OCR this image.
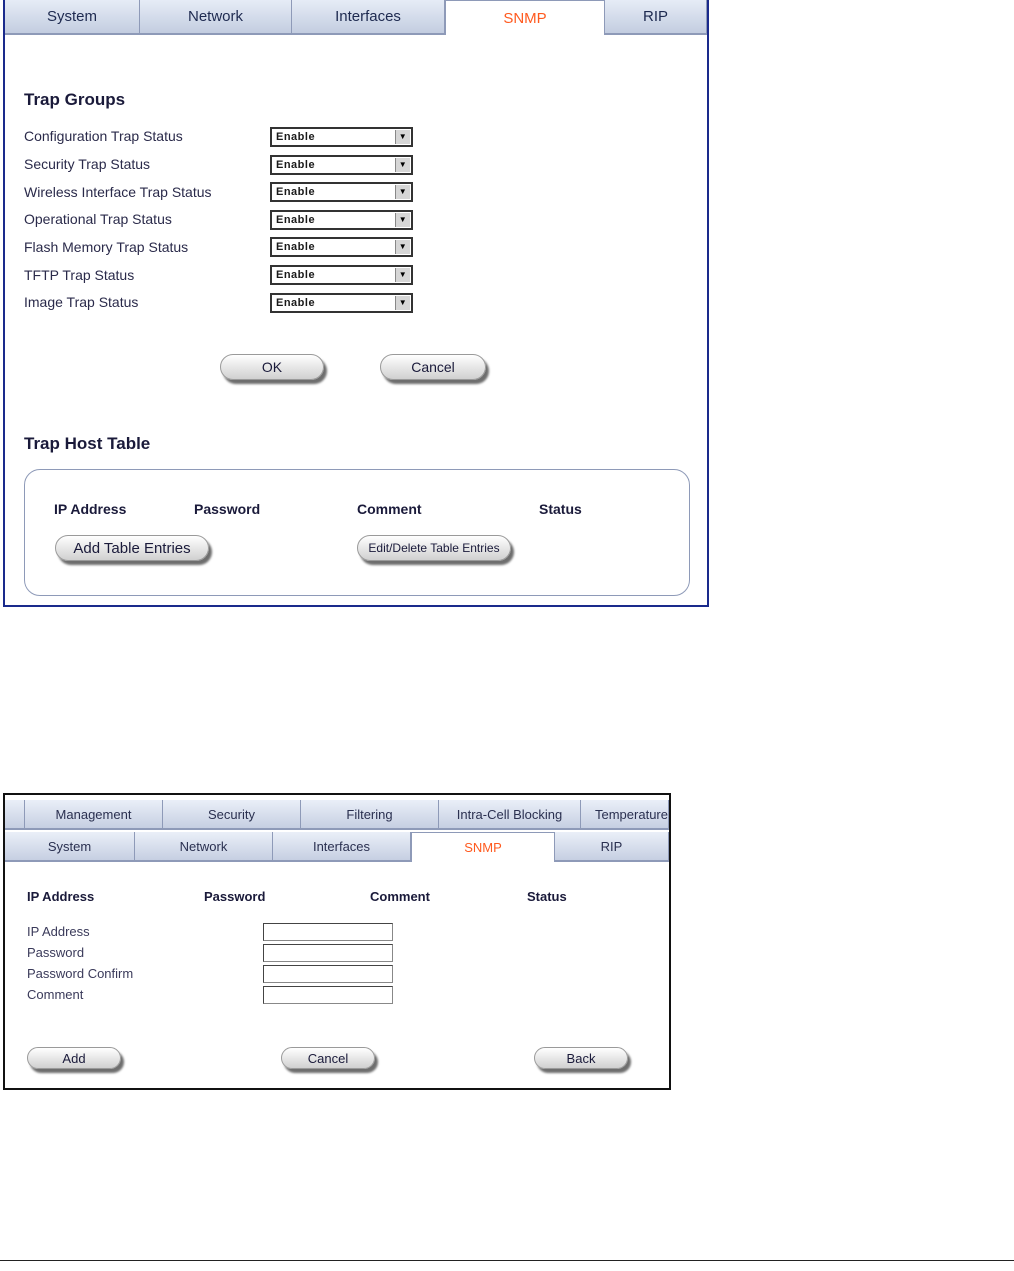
System	Network	Interfaces	SNMP	RIP
Trap Groups
Configuration Trap Status	Enable	▼
Security Trap Status	Enable	▼
Wireless Interface Trap Status	Enable	▼
Operational Trap Status	Enable	▼
Flash Memory Trap Status	Enable	▼
TFTP Trap Status	Enable	▼
Image Trap Status	Enable	▼
OK	Cancel
Trap Host Table
IP Address	Password	Comment	Status
Add Table Entries	Edit/Delete Table Entries
Management	Security	Filtering	Intra-Cell Blocking	Temperature
System	Network	Interfaces	SNMP	RIP
IP Address	Password	Comment	Status
IP Address
Password
Password Confirm
Comment
Add	Cancel	Back
